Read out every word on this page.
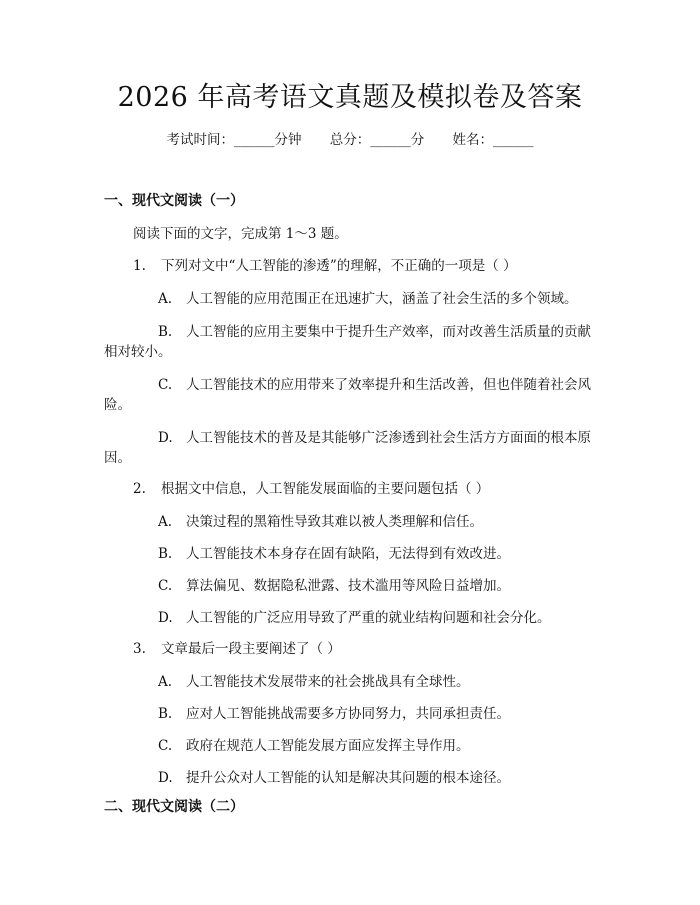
2026 年高考语文真题及模拟卷及答案
考试时间：______分钟 总分：______分 姓名：______
一、现代文阅读（一）
阅读下面的文字，完成第 1～3 题。
1. 下列对文中“人工智能的渗透”的理解，不正确的一项是（ ）
A. 人工智能的应用范围正在迅速扩大，涵盖了社会生活的多个领域。
B. 人工智能的应用主要集中于提升生产效率，而对改善生活质量的贡献
相对较小。
C. 人工智能技术的应用带来了效率提升和生活改善，但也伴随着社会风
险。
D. 人工智能技术的普及是其能够广泛渗透到社会生活方方面面的根本原
因。
2. 根据文中信息，人工智能发展面临的主要问题包括（ ）
A. 决策过程的黑箱性导致其难以被人类理解和信任。
B. 人工智能技术本身存在固有缺陷，无法得到有效改进。
C. 算法偏见、数据隐私泄露、技术滥用等风险日益增加。
D. 人工智能的广泛应用导致了严重的就业结构问题和社会分化。
3. 文章最后一段主要阐述了（ ）
A. 人工智能技术发展带来的社会挑战具有全球性。
B. 应对人工智能挑战需要多方协同努力，共同承担责任。
C. 政府在规范人工智能发展方面应发挥主导作用。
D. 提升公众对人工智能的认知是解决其问题的根本途径。
二、现代文阅读（二）
